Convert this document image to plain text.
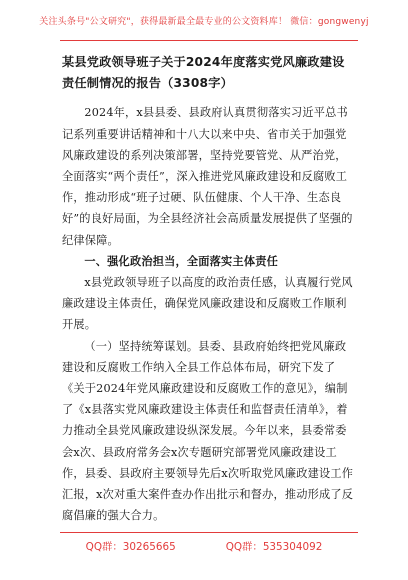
关注头条号"公文研究"，获得最新最全最专业的公文资料库！ 微信：gongwenyj

某县党政领导班子关于2024年度落实党风廉政建设责任制情况的报告（3308字）

2024年，x县县委、县政府认真贯彻落实习近平总书记系列重要讲话精神和十八大以来中央、省市关于加强党风廉政建设的系列决策部署，坚持党要管党、从严治党，全面落实“两个责任”，深入推进党风廉政建设和反腐败工作，推动形成“班子过硬、队伍健康、个人干净、生态良好”的良好局面，为全县经济社会高质量发展提供了坚强的纪律保障。

一、强化政治担当，全面落实主体责任

x县党政领导班子以高度的政治责任感，认真履行党风廉政建设主体责任，确保党风廉政建设和反腐败工作顺利开展。

（一）坚持统筹谋划。县委、县政府始终把党风廉政建设和反腐败工作纳入全县工作总体布局，研究下发了《关于2024年党风廉政建设和反腐败工作的意见》，编制了《x县落实党风廉政建设主体责任和监督责任清单》，着力推动全县党风廉政建设纵深发展。今年以来，县委常委会x次、县政府常务会x次专题研究部署党风廉政建设工作，县委、县政府主要领导先后x次听取党风廉政建设工作汇报，x次对重大案件查办作出批示和督办，推动形成了反腐倡廉的强大合力。

QQ群：30265665	QQ群：535304092
